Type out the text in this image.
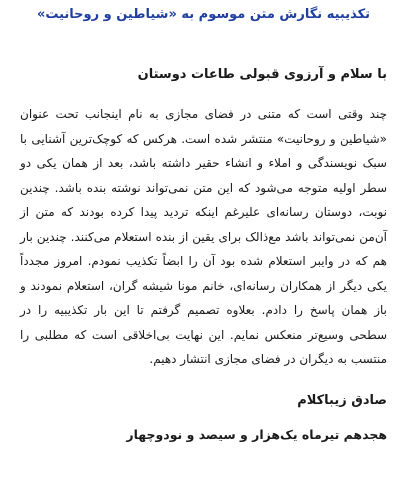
تکذیبیه نگارش متن موسوم به «شیاطین و روحانیت»

با سلام و آرزوی قبولی طاعات دوستان

چند وقتی است که متنی در فضای مجازی به نام اینجانب تحت عنوان «شیاطین و روحانیت» منتشر شده است. هرکس که کوچک‌ترین آشنایی با سبک نویسندگی و املاء و انشاء حقیر داشته باشد، بعد از همان یکی دو سطر اولیه متوجه می‌شود که این متن نمی‌تواند نوشته بنده باشد. چندین نوبت، دوستان رسانه‌ای علیرغم اینکه تردید پیدا کرده بودند که متن از آن‌من نمی‌تواند باشد مع‌ذالک برای یقین از بنده استعلام می‌کنند. چندین بار هم که در وایبر استعلام شده بود آن را ابضاً تکذیب نمودم. امروز مجدداً یکی دیگر از همکاران رسانه‌ای، خانم مونا شیشه گران، استعلام نمودند و باز همان پاسخ را دادم. بعلاوه تصمیم گرفتم تا این بار تکذیبیه را در سطحی وسیع‌تر منعکس نمایم. این نهایت بی‌اخلاقی است که مطلبی را منتسب به دیگران در فضای مجازی انتشار دهیم.

صادق زیباکلام

هجدهم تیرماه یک‌هزار و سیصد و نودوچهار
